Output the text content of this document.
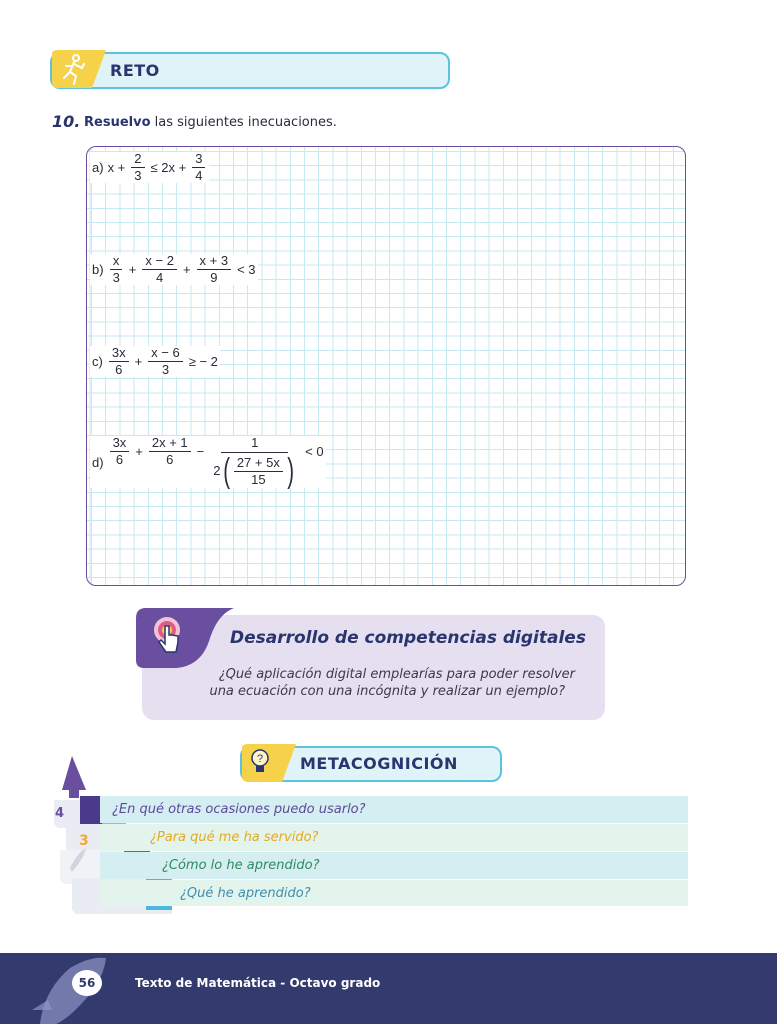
RETO
10. Resuelvo las siguientes inecuaciones.
a) $x + \frac{2}{3} \le 2x + \frac{3}{4}$
$b) \frac{x}{3} + \frac{x - 2}{4} + \frac{x + 3}{9} < 3$
$c) \frac{3x}{6} + \frac{x - 6}{3}$ ≥ − 2
$d) \frac{3x}{6} + \frac{2x + 1}{6} - \frac{1}{2 ( \frac{27 + 5x}{15} )} < 0$
Desarrollo de competencias digitales
¿Qué aplicación digital emplearías para poder resolver
una ecuación con una incógnita y realizar un ejemplo?
? METACOGNICIÓN
4
3
¿En qué otras ocasiones puedo usarlo?
¿Para qué me ha servido?
¿Cómo lo he aprendido?
¿Qué he aprendido?
56	Texto de Matemática - Octavo grado
